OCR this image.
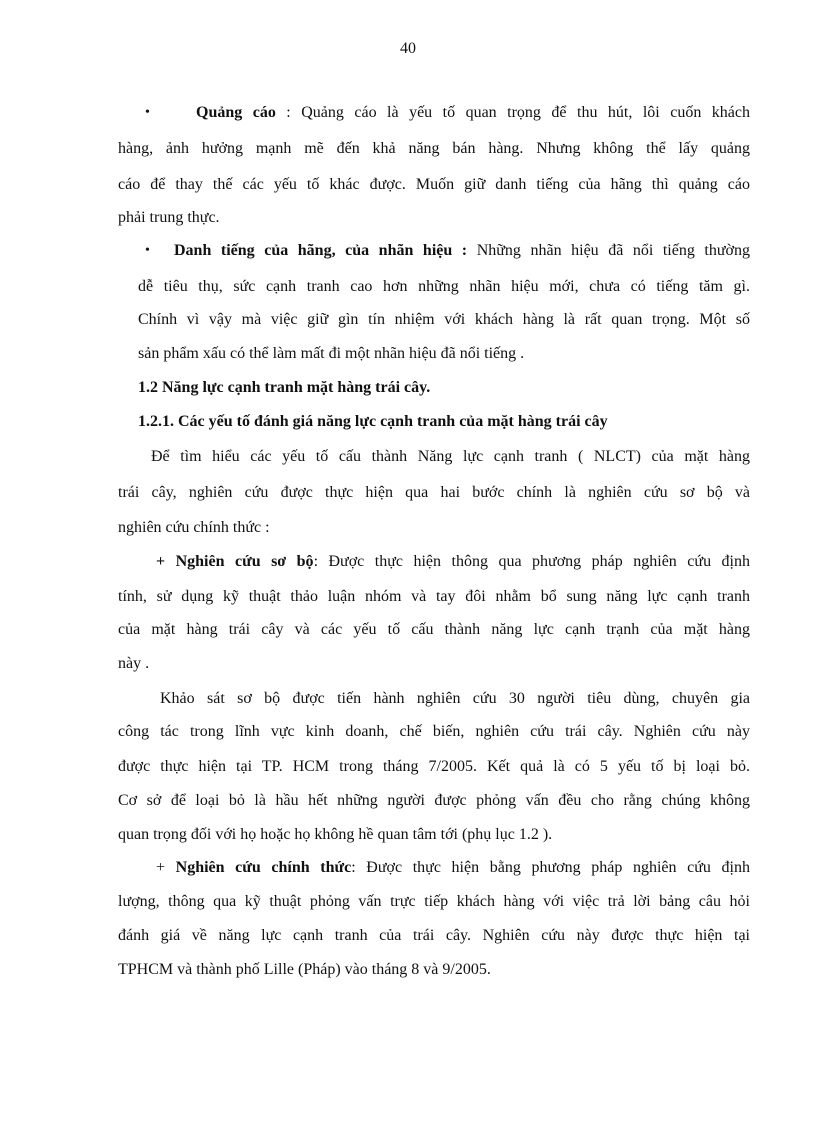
40
•	Quảng cáo : Quảng cáo là yếu tố quan trọng để thu hút, lôi cuốn khách
hàng, ảnh hưởng mạnh mẽ đến khả năng bán hàng. Nhưng không thể lấy quảng
cáo để thay thế các yếu tố khác được. Muốn giữ danh tiếng của hãng thì quảng cáo
phải trung thực.
• Danh tiếng của hãng, của nhãn hiệu : Những nhãn hiệu đã nổi tiếng thường
dễ tiêu thụ, sức cạnh tranh cao hơn những nhãn hiệu mới, chưa có tiếng tăm gì.
Chính vì vậy mà việc giữ gìn tín nhiệm với khách hàng là rất quan trọng. Một số
sản phẩm xấu có thể làm mất đi một nhãn hiệu đã nổi tiếng .
1.2 Năng lực cạnh tranh mặt hàng trái cây.
1.2.1. Các yếu tố đánh giá năng lực cạnh tranh của mặt hàng trái cây
Để tìm hiểu các yếu tố cấu thành Năng lực cạnh tranh ( NLCT) của mặt hàng
trái cây, nghiên cứu được thực hiện qua hai bước chính là nghiên cứu sơ bộ và
nghiên cứu chính thức :
+ Nghiên cứu sơ bộ: Được thực hiện thông qua phương pháp nghiên cứu định
tính, sử dụng kỹ thuật thảo luận nhóm và tay đôi nhằm bổ sung năng lực cạnh tranh
của mặt hàng trái cây và các yếu tố cấu thành năng lực cạnh trạnh của mặt hàng
này .
Khảo sát sơ bộ được tiến hành nghiên cứu 30 người tiêu dùng, chuyên gia
công tác trong lĩnh vực kinh doanh, chế biến, nghiên cứu trái cây. Nghiên cứu này
được thực hiện tại TP. HCM trong tháng 7/2005. Kết quả là có 5 yếu tố bị loại bỏ.
Cơ sở để loại bỏ là hầu hết những người được phỏng vấn đều cho rằng chúng không
quan trọng đối với họ hoặc họ không hề quan tâm tới (phụ lục 1.2 ).
+ Nghiên cứu chính thức: Được thực hiện bằng phương pháp nghiên cứu định
lượng, thông qua kỹ thuật phỏng vấn trực tiếp khách hàng với việc trả lời bảng câu hỏi
đánh giá về năng lực cạnh tranh của trái cây. Nghiên cứu này được thực hiện tại
TPHCM và thành phố Lille (Pháp) vào tháng 8 và 9/2005.
